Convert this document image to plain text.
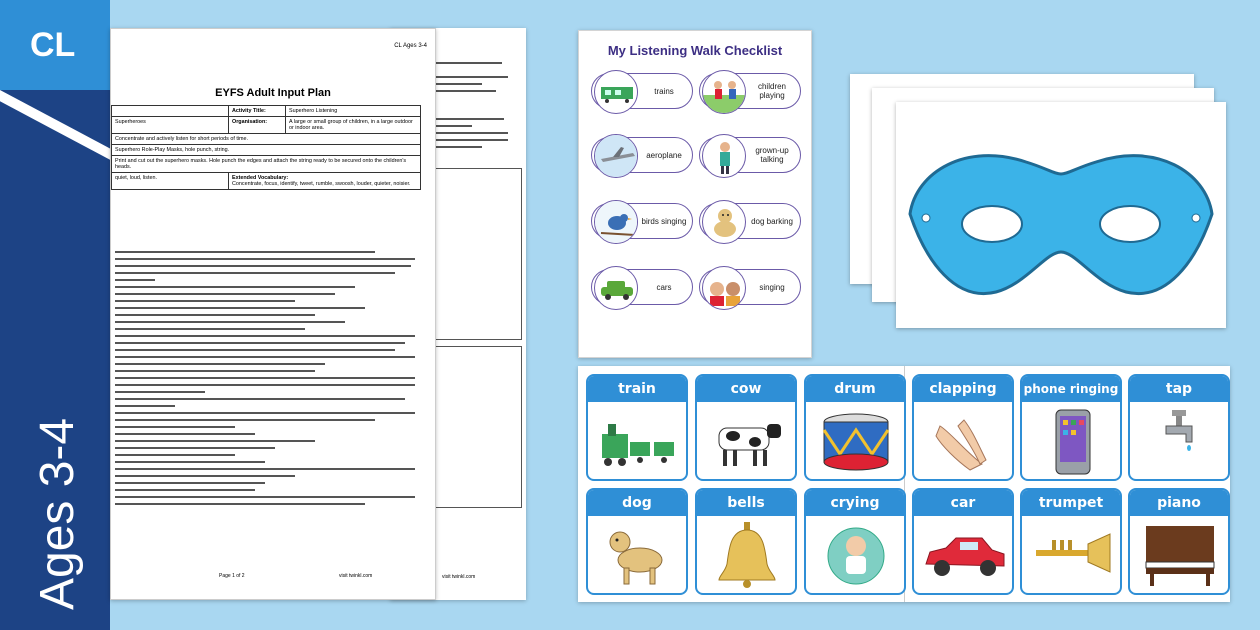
CL
Ages 3-4	visit twinkl.com
CL Ages 3-4
EYFS Adult Input Plan
	Activity Title:	Superhero Listening
Superheroes	Organisation:	A large or small group of children, in a large outdoor or indoor area.
Concentrate and actively listen for short periods of time.		
Superhero Role-Play Masks, hole punch, string.		
Print and cut out the superhero masks. Hole punch the edges and attach the string ready to be secured onto the children's heads.		
quiet, loud, listen.	Extended Vocabulary:
Concentrate, focus, identify, tweet, rumble, swoosh, louder, quieter, noisier.	
Page 1 of 2	visit twinkl.com
My Listening Walk Checklist
trains	children playing
aeroplane	grown-up talking
birds singing	dog barking
cars	singing
train	cow	drum	clapping	phone ringing	tap
dog	bells	crying	car	trumpet	piano
